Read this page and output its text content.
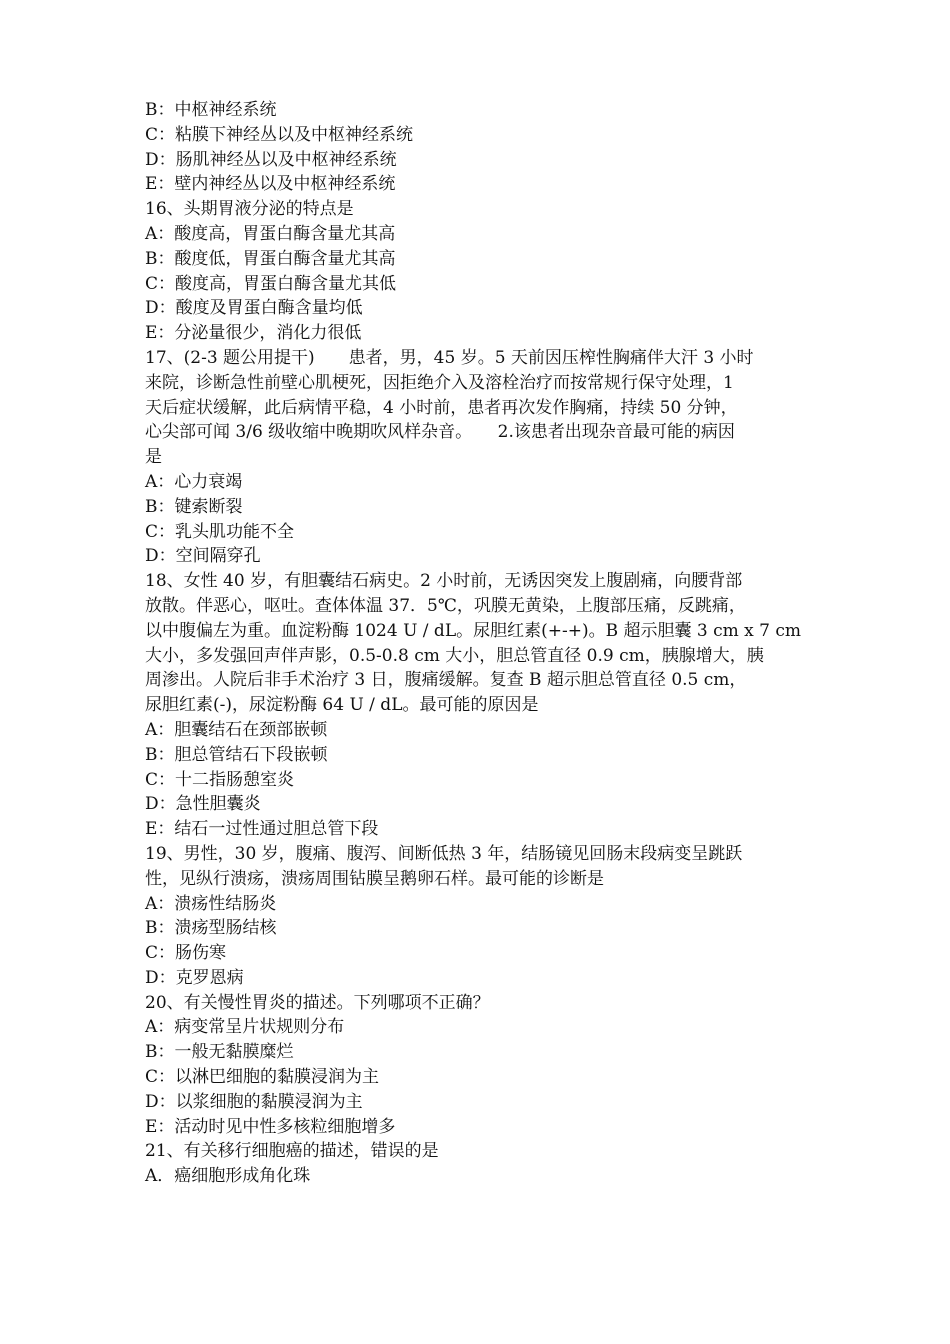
B：中枢神经系统
C：粘膜下神经丛以及中枢神经系统
D：肠肌神经丛以及中枢神经系统
E：壁内神经丛以及中枢神经系统
16、头期胃液分泌的特点是
A：酸度高，胃蛋白酶含量尤其高
B：酸度低，胃蛋白酶含量尤其高
C：酸度高，胃蛋白酶含量尤其低
D：酸度及胃蛋白酶含量均低
E：分泌量很少，消化力很低
17、(2-3 题公用提干)　　患者，男，45 岁。5 天前因压榨性胸痛伴大汗 3 小时
来院，诊断急性前壁心肌梗死，因拒绝介入及溶栓治疗而按常规行保守处理，1
天后症状缓解，此后病情平稳，4 小时前，患者再次发作胸痛，持续 50 分钟，
心尖部可闻 3/6 级收缩中晚期吹风样杂音。　　2.该患者出现杂音最可能的病因
是
A：心力衰竭
B：键索断裂
C：乳头肌功能不全
D：空间隔穿孔
18、女性 40 岁，有胆囊结石病史。2 小时前，无诱因突发上腹剧痛，向腰背部
放散。伴恶心，呕吐。查体体温 37．5℃，巩膜无黄染，上腹部压痛，反跳痛，
以中腹偏左为重。血淀粉酶 1024 U / dL。尿胆红素(+-+)。B 超示胆囊 3 cm x 7 cm
大小，多发强回声伴声影，0.5-0.8 cm 大小，胆总管直径 0.9 cm，胰腺增大，胰
周渗出。人院后非手术治疗 3 日，腹痛缓解。复查 B 超示胆总管直径 0.5 cm，
尿胆红素(-)，尿淀粉酶 64 U / dL。最可能的原因是
A：胆囊结石在颈部嵌顿
B：胆总管结石下段嵌顿
C：十二指肠憩室炎
D：急性胆囊炎
E：结石一过性通过胆总管下段
19、男性，30 岁，腹痛、腹泻、间断低热 3 年，结肠镜见回肠末段病变呈跳跃
性，见纵行溃疡，溃疡周围钻膜呈鹅卵石样。最可能的诊断是
A：溃疡性结肠炎
B：溃疡型肠结核
C：肠伤寒
D：克罗恩病
20、有关慢性胃炎的描述。下列哪项不正确？
A：病变常呈片状规则分布
B：一般无黏膜糜烂
C：以淋巴细胞的黏膜浸润为主
D：以浆细胞的黏膜浸润为主
E：活动时见中性多核粒细胞增多
21、有关移行细胞癌的描述，错误的是
A．癌细胞形成角化珠
